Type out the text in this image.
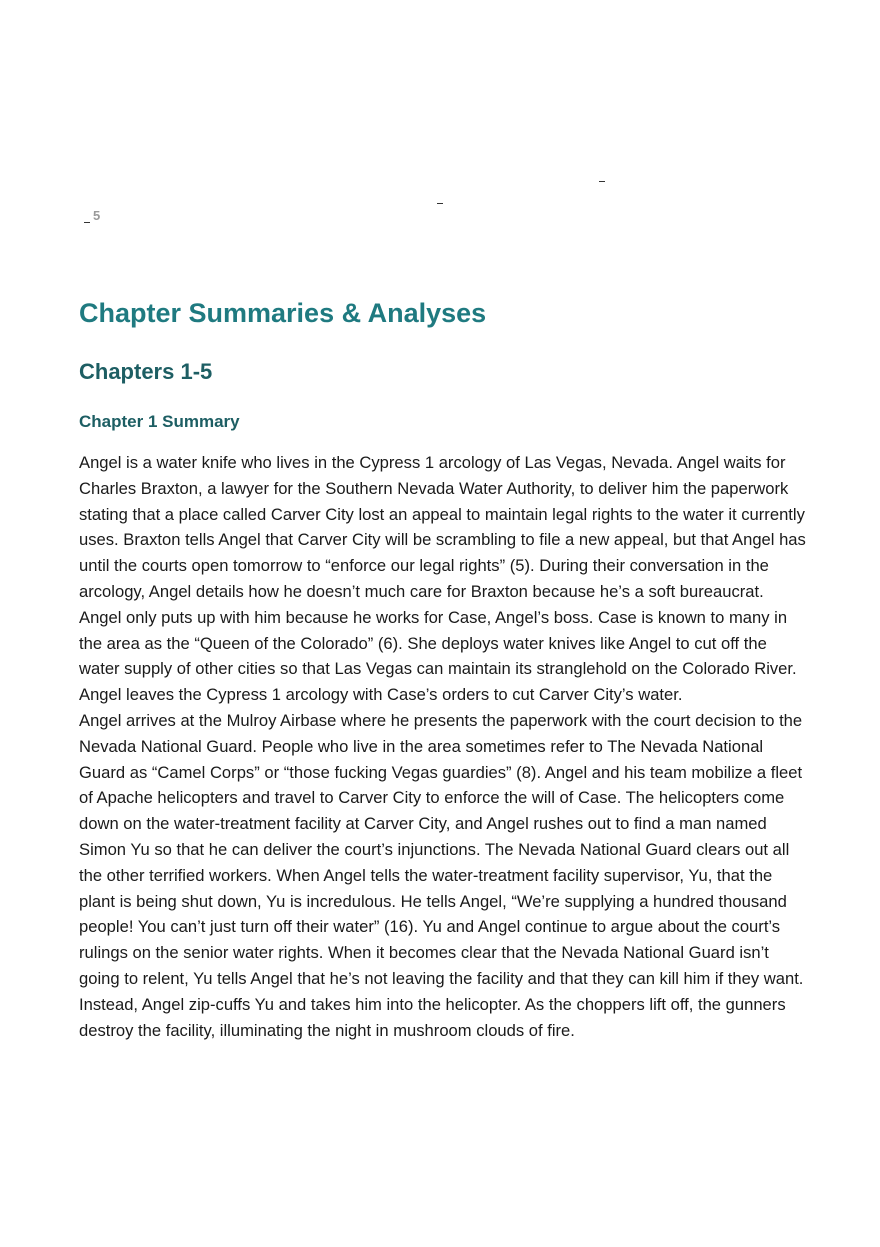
5
Chapter Summaries & Analyses
Chapters 1-5
Chapter 1 Summary

Angel is a water knife who lives in the Cypress 1 arcology of Las Vegas, Nevada. Angel waits for Charles Braxton, a lawyer for the Southern Nevada Water Authority, to deliver him the paperwork stating that a place called Carver City lost an appeal to maintain legal rights to the water it currently uses. Braxton tells Angel that Carver City will be scrambling to file a new appeal, but that Angel has until the courts open tomorrow to “enforce our legal rights” (5). During their conversation in the arcology, Angel details how he doesn’t much care for Braxton because he’s a soft bureaucrat. Angel only puts up with him because he works for Case, Angel’s boss. Case is known to many in the area as the “Queen of the Colorado” (6). She deploys water knives like Angel to cut off the water supply of other cities so that Las Vegas can maintain its stranglehold on the Colorado River. Angel leaves the Cypress 1 arcology with Case’s orders to cut Carver City’s water.

Angel arrives at the Mulroy Airbase where he presents the paperwork with the court decision to the Nevada National Guard. People who live in the area sometimes refer to The Nevada National Guard as “Camel Corps” or “those fucking Vegas guardies” (8). Angel and his team mobilize a fleet of Apache helicopters and travel to Carver City to enforce the will of Case. The helicopters come down on the water-treatment facility at Carver City, and Angel rushes out to find a man named Simon Yu so that he can deliver the court’s injunctions. The Nevada National Guard clears out all the other terrified workers. When Angel tells the water-treatment facility supervisor, Yu, that the plant is being shut down, Yu is incredulous. He tells Angel, “We’re supplying a hundred thousand people! You can’t just turn off their water” (16). Yu and Angel continue to argue about the court’s rulings on the senior water rights. When it becomes clear that the Nevada National Guard isn’t going to relent, Yu tells Angel that he’s not leaving the facility and that they can kill him if they want. Instead, Angel zip-cuffs Yu and takes him into the helicopter. As the choppers lift off, the gunners destroy the facility, illuminating the night in mushroom clouds of fire.
